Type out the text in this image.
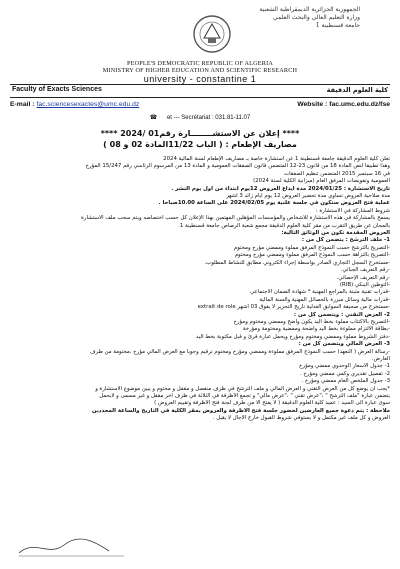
الجمهورية الجزائرية الديمقراطية الشعبية
وزارة التعليم العالي والبحث العلمي
جامعة قسنطينة 1
PEOPLE'S DEMOCRATIC REPUBLIC OF ALGERIA
MINISTRY OF HIGHER EDUCATION AND SCIENTIFIC RESEARCH
university - constantine 1
Faculty of Exacts Sciences	كلية العلوم الدقيقة
E-mail : fac.sciencesexactes@umc.edu.dz	Website : fac.umc.edu.dz/fse
☎ et --- Secrétariat : 031.81-11.07
**** إعلان عن الاستشــــــــارة رقم01 /2024 ****
مصاريف الإطعام : ( الباب 11/22المادة 02 و 08 )
تعلن كلية العلوم الدقيقة جامعة قسنطينة 1 عن استشارة خاصة بـ مصاريف الإطعام لسنة المالية 2024
وهذا تطبيقا لنص المادة 18 من قانون 23-12 المتضمن قانون الصفقات العمومية و المادة 13 من المرسوم الرئاسي رقم 15/247 المؤرخ
في 16 سبتمبر 2015 المتضمن تنظيم الصفقات
العمومية وتفويضات المرفق العام (ميزانية الكلية لسنة 2024)
تاريخ الاستشارة : 2024/01/25 مدة ايداع العروض 12يوم ابتداء من اول يوم النشر .
مدة صلاحية العروض تساوي مدة تحضير العروض 12 يوم أيام زائد 3 اشهر
عملية فتح العروض ستكون في جلسة علنية يوم 2024/02/05 على الساعة 10.00صباحا .
شروط المشاركة في الاستشارة :
يسمح بالمشاركة في هذه الاستشارة للأشخاص والمؤسسات المؤهلين المهتمين بهذا الإعلان كل حسب اختصاصه ويتم سحب ملف الاستشارة
بالمجان عن طريق التقرب من مقر كلية العلوم الدقيقة مجمع شعبة الرصاص جامعة قسنطينة 1.
العروض المقدمة تكون من الوثائق التالية:
1- ملف الترشح : يتضمن كل من :
-التصريح بالترشح حسب النموذج المرفق مملوء وممضي مؤرخ ومختوم
-التصريح بالنزاهة حسب النموذج المرفق مملوء وممضي مؤرخ ومختوم
-مستخرج السجل التجاري الصادر بواسطة إجراء الكتروني مطابق للنشاط المطلوب.
-رقم التعريف الجبائي.
-رقم التعريف الإحصائي.
-التوطين البنكي (RIB)
-قدرات تقنية مثبتة بالمراجع المهنية * شهادة الضمان الاجتماعي
-قدرات مالية وسائل مبررة بالحصائل المهنية والسنة المالية
-مستخرج من صحيفة السوابق العدلية تاريخ التحرير لا يفوق 03 أشهر extrait de role
2- العرض التقني : ويتضمن كل من :
-التصريح بالاكتتاب مملوء بخط اليد يكون واضح وممضي ومختوم ومؤرخ
-بطاقة الالتزام مملوءة بخط اليد واضحة وممضية ومختومة ومؤرخة
-دفتر الشروط مملوء وممضي ومختوم ومؤرخ ويحمل عبارة قرئ و قبل مكتوبة بخط اليد
3- العرض المالي ويتضمن كل من :
-رسالة العرض ( التعهد) حسب النموذج المرفق مملوءة وممضي ومؤرخ ومختوم ترقيم وجوبا مع العرض المالي مؤرخ ،مختومة من طرف
العارض.
1- جدول الأسعار الوحدوي ممضي ومؤرخ
2- تفصيل تقديري وكمي ممضي ومؤرخ .
3- جدول الملخص العام ممضي ومؤرخ .
*يجب أن يوضع كل من العرض التقني و العرض المالي و ملف الترشح في ظرف منفصل و مقفل و مختوم و يبين موضوع الاستشارة و
يتضمن عبارة "ملف الترشح " ،"عرض تقني " ،"عرض مالي" و تجمع الأظرفة في الثلاثة في ظرف آخر مقفل و غير مسمى و لايحمل
سوى عبارة الى السيد : عميد كلية العلوم الدقيقة ( لا يفتح الا من طرف لجنة فتح الأظرفة وتقييم العروض )
ملاحظة : يتم دعوة جميع العارضين لحضور جلسة فتح الأظرفة والعروض بمقر الكلية في التاريخ والساعة المحددين
العروض و كل ملف غير مكتمل و لا يستوفي شروط القبول خارج الآجال لا يقبل .
